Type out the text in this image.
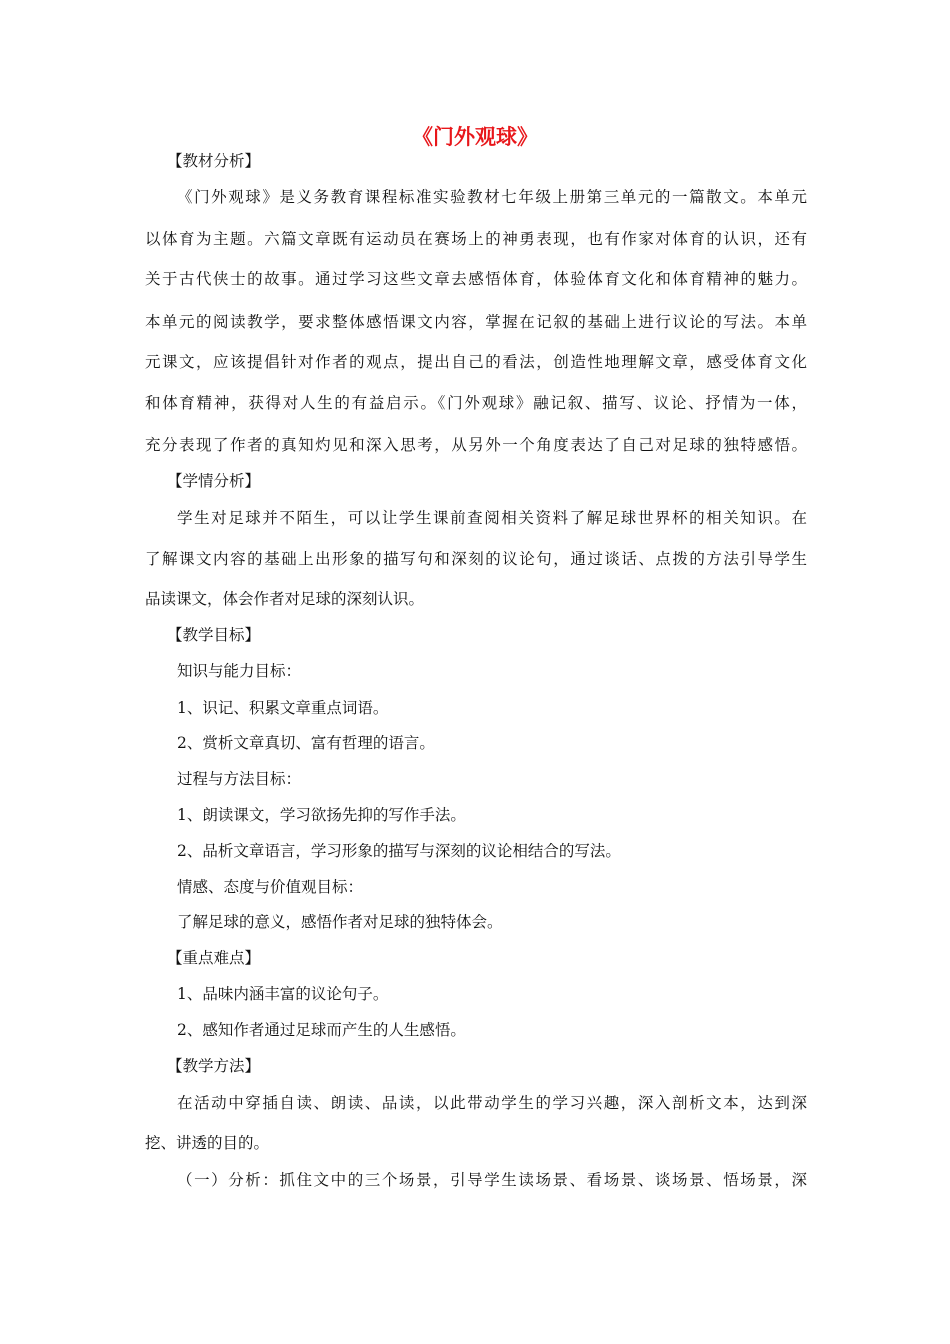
《门外观球》
【教材分析】
《门外观球》是义务教育课程标准实验教材七年级上册第三单元的一篇散文。本单元
以体育为主题。六篇文章既有运动员在赛场上的神勇表现，也有作家对体育的认识，还有
关于古代侠士的故事。通过学习这些文章去感悟体育，体验体育文化和体育精神的魅力。
本单元的阅读教学，要求整体感悟课文内容，掌握在记叙的基础上进行议论的写法。本单
元课文，应该提倡针对作者的观点，提出自己的看法，创造性地理解文章，感受体育文化
和体育精神，获得对人生的有益启示。《门外观球》融记叙、描写、议论、抒情为一体，
充分表现了作者的真知灼见和深入思考，从另外一个角度表达了自己对足球的独特感悟。
【学情分析】
学生对足球并不陌生，可以让学生课前查阅相关资料了解足球世界杯的相关知识。在
了解课文内容的基础上出形象的描写句和深刻的议论句，通过谈话、点拨的方法引导学生
品读课文，体会作者对足球的深刻认识。
【教学目标】
知识与能力目标：
1、识记、积累文章重点词语。
2、赏析文章真切、富有哲理的语言。
过程与方法目标：
1、朗读课文，学习欲扬先抑的写作手法。
2、品析文章语言，学习形象的描写与深刻的议论相结合的写法。
情感、态度与价值观目标：
了解足球的意义，感悟作者对足球的独特体会。
【重点难点】
1、品味内涵丰富的议论句子。
2、感知作者通过足球而产生的人生感悟。
【教学方法】
在活动中穿插自读、朗读、品读，以此带动学生的学习兴趣，深入剖析文本，达到深
挖、讲透的目的。
（一）分析：抓住文中的三个场景，引导学生读场景、看场景、谈场景、悟场景，深
